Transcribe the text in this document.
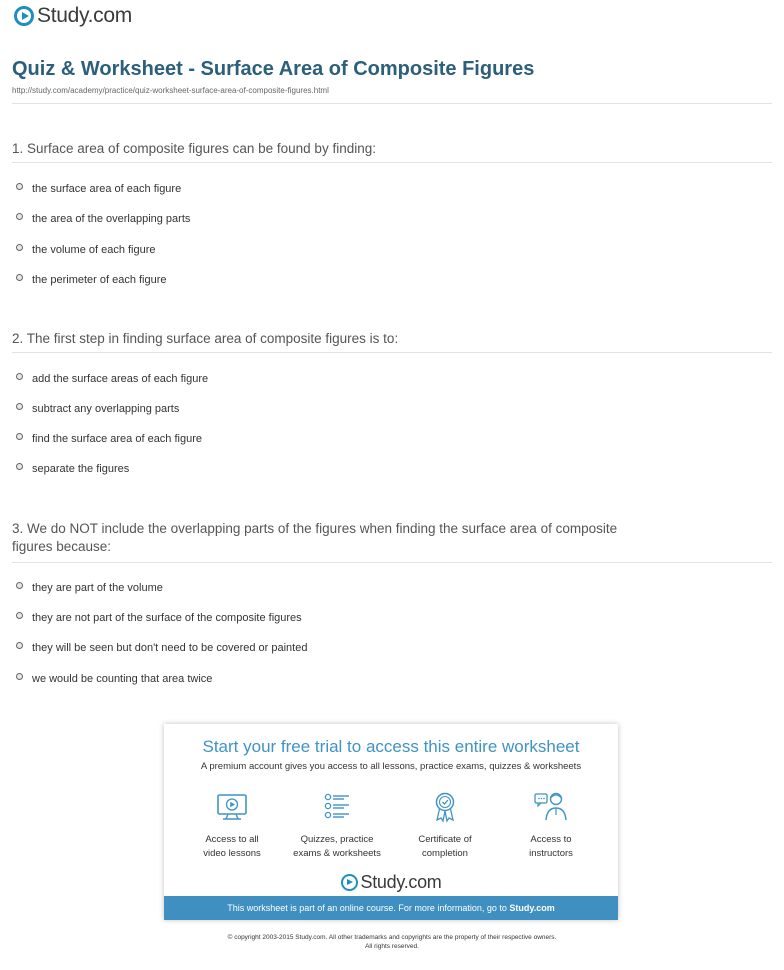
Study.com
Quiz & Worksheet - Surface Area of Composite Figures
http://study.com/academy/practice/quiz-worksheet-surface-area-of-composite-figures.html
1. Surface area of composite figures can be found by finding:
the surface area of each figure
the area of the overlapping parts
the volume of each figure
the perimeter of each figure
2. The first step in finding surface area of composite figures is to:
add the surface areas of each figure
subtract any overlapping parts
find the surface area of each figure
separate the figures
3. We do NOT include the overlapping parts of the figures when finding the surface area of composite
figures because:
they are part of the volume
they are not part of the surface of the composite figures
they will be seen but don't need to be covered or painted
we would be counting that area twice
Start your free trial to access this entire worksheet
A premium account gives you access to all lessons, practice exams, quizzes & worksheets
Access to all
video lessons
Quizzes, practice
exams & worksheets
Certificate of
completion
Access to
instructors
Study.com
This worksheet is part of an online course. For more information, go to Study.com
© copyright 2003-2015 Study.com. All other trademarks and copyrights are the property of their respective owners.
All rights reserved.
